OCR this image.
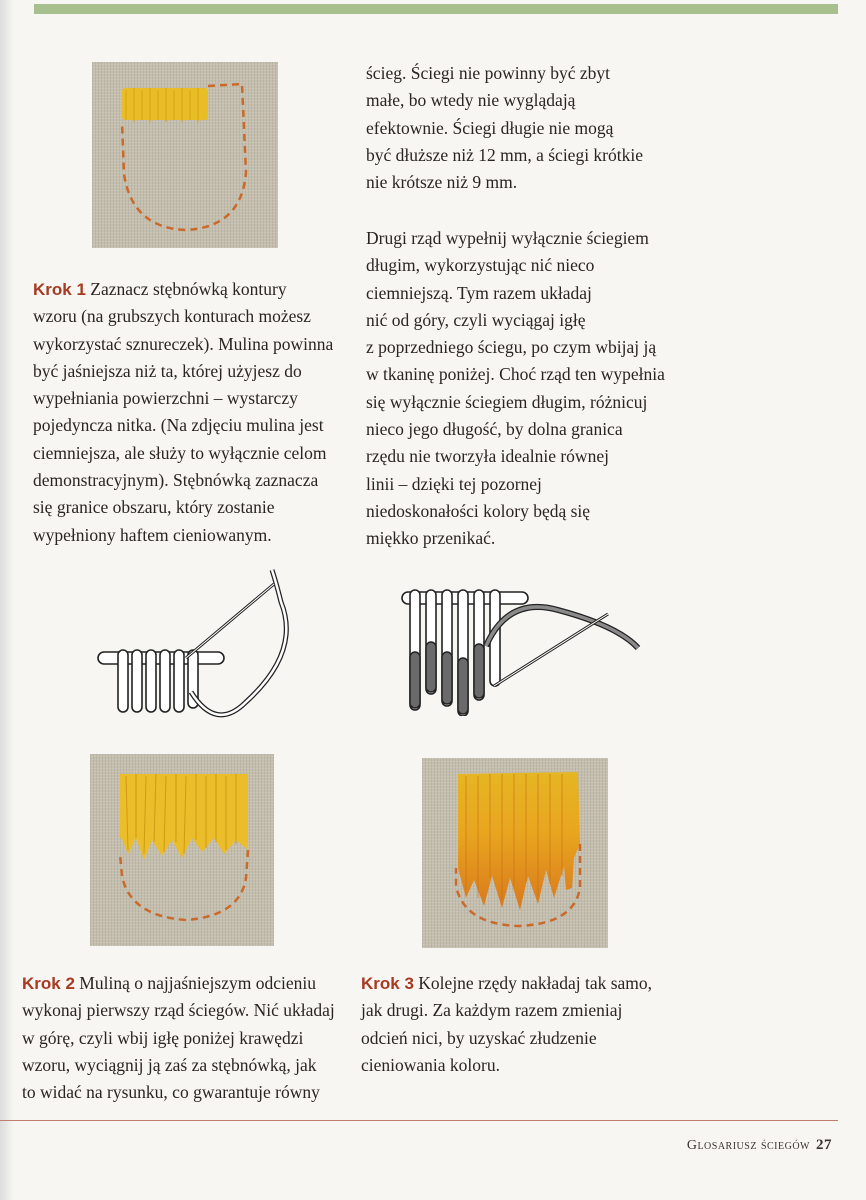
ścieg. Ściegi nie powinny być zbyt
małe, bo wtedy nie wyglądają
efektownie. Ściegi długie nie mogą
być dłuższe niż 12 mm, a ściegi krótkie
nie krótsze niż 9 mm.

Drugi rząd wypełnij wyłącznie ściegiem
długim, wykorzystując nić nieco
ciemniejszą. Tym razem układaj
nić od góry, czyli wyciągaj igłę
z poprzedniego ściegu, po czym wbijaj ją
w tkaninę poniżej. Choć rząd ten wypełnia
się wyłącznie ściegiem długim, różnicuj
nieco jego długość, by dolna granica
rzędu nie tworzyła idealnie równej
linii – dzięki tej pozornej
niedoskonałości kolory będą się
miękko przenikać.

Krok 1 Zaznacz stębnówką kontury
wzoru (na grubszych konturach możesz
wykorzystać sznureczek). Mulina powinna
być jaśniejsza niż ta, której użyjesz do
wypełniania powierzchni – wystarczy
pojedyncza nitka. (Na zdjęciu mulina jest
ciemniejsza, ale służy to wyłącznie celom
demonstracyjnym). Stębnówką zaznacza
się granice obszaru, który zostanie
wypełniony haftem cieniowanym.

Krok 2 Muliną o najjaśniejszym odcieniu
wykonaj pierwszy rząd ściegów. Nić układaj
w górę, czyli wbij igłę poniżej krawędzi
wzoru, wyciągnij ją zaś za stębnówką, jak
to widać na rysunku, co gwarantuje równy

Krok 3 Kolejne rzędy nakładaj tak samo,
jak drugi. Za każdym razem zmieniaj
odcień nici, by uzyskać złudzenie
cieniowania koloru.

Glosariusz ściegów 27
